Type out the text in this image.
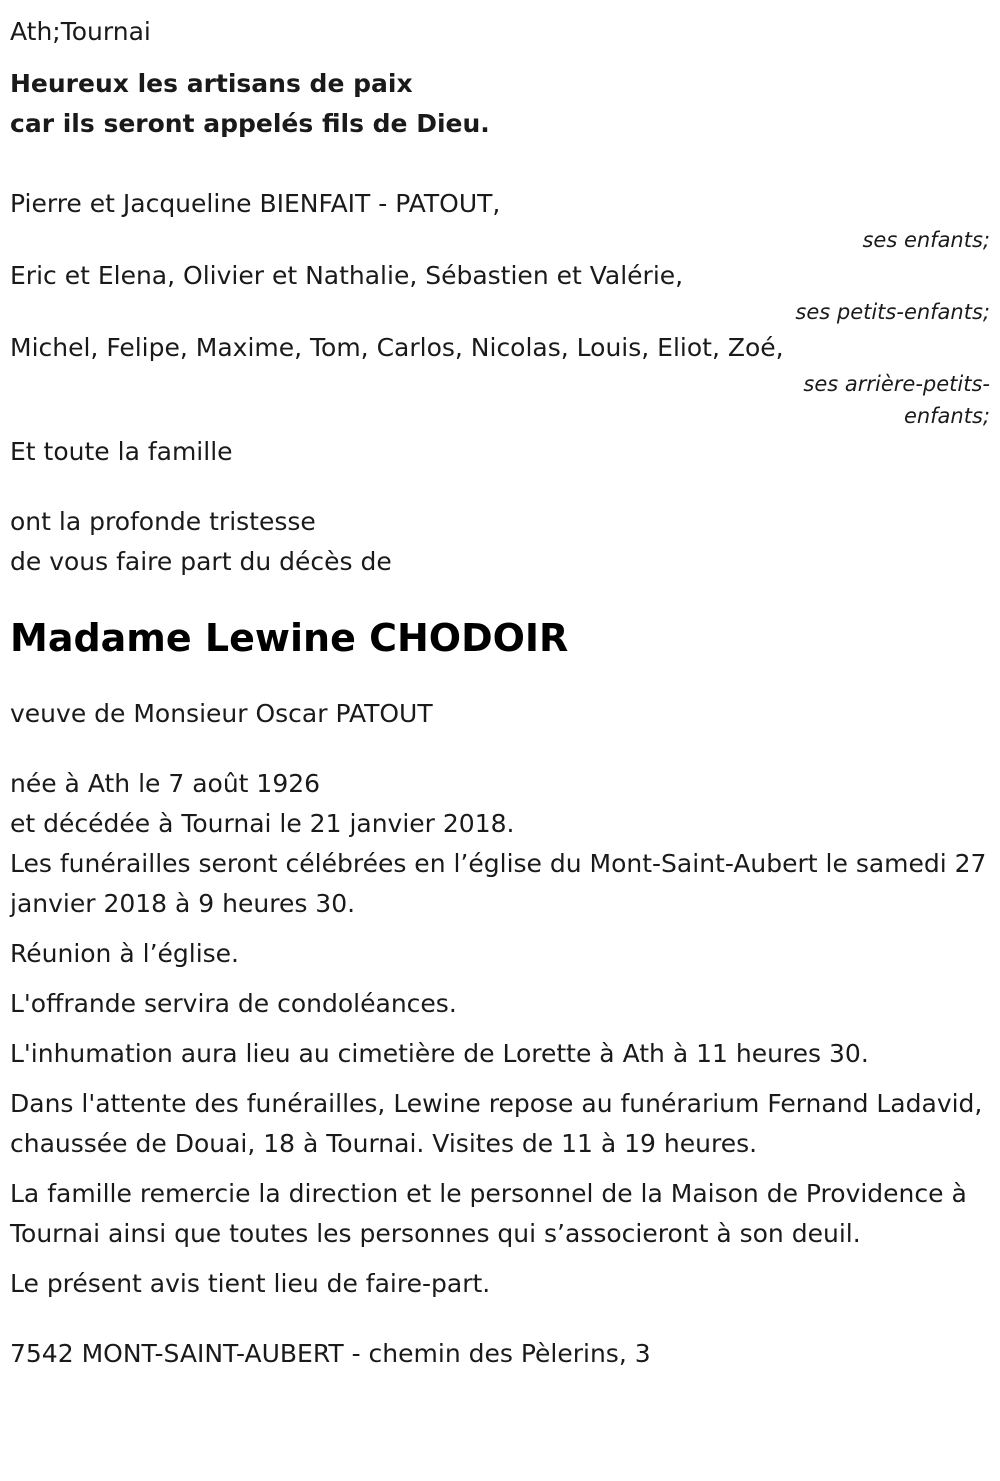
Ath;Tournai
Heureux les artisans de paix
car ils seront appelés fils de Dieu.
Pierre et Jacqueline BIENFAIT - PATOUT,
ses enfants;
Eric et Elena, Olivier et Nathalie, Sébastien et Valérie,
ses petits-enfants;
Michel, Felipe, Maxime, Tom, Carlos, Nicolas, Louis, Eliot, Zoé,
ses arrière-petits-enfants;
Et toute la famille
ont la profonde tristesse
de vous faire part du décès de
Madame Lewine CHODOIR
veuve de Monsieur Oscar PATOUT
née à Ath le 7 août 1926
et décédée à Tournai le 21 janvier 2018.

Les funérailles seront célébrées en l’église du Mont-Saint-Aubert le samedi 27 janvier 2018 à 9 heures 30.

Réunion à l’église.

L'offrande servira de condoléances.

L'inhumation aura lieu au cimetière de Lorette à Ath à 11 heures 30.

Dans l'attente des funérailles, Lewine repose au funérarium Fernand Ladavid, chaussée de Douai, 18 à Tournai. Visites de 11 à 19 heures.

La famille remercie la direction et le personnel de la Maison de Providence à Tournai ainsi que toutes les personnes qui s’associeront à son deuil.

Le présent avis tient lieu de faire-part.

7542 MONT-SAINT-AUBERT - chemin des Pèlerins, 3
